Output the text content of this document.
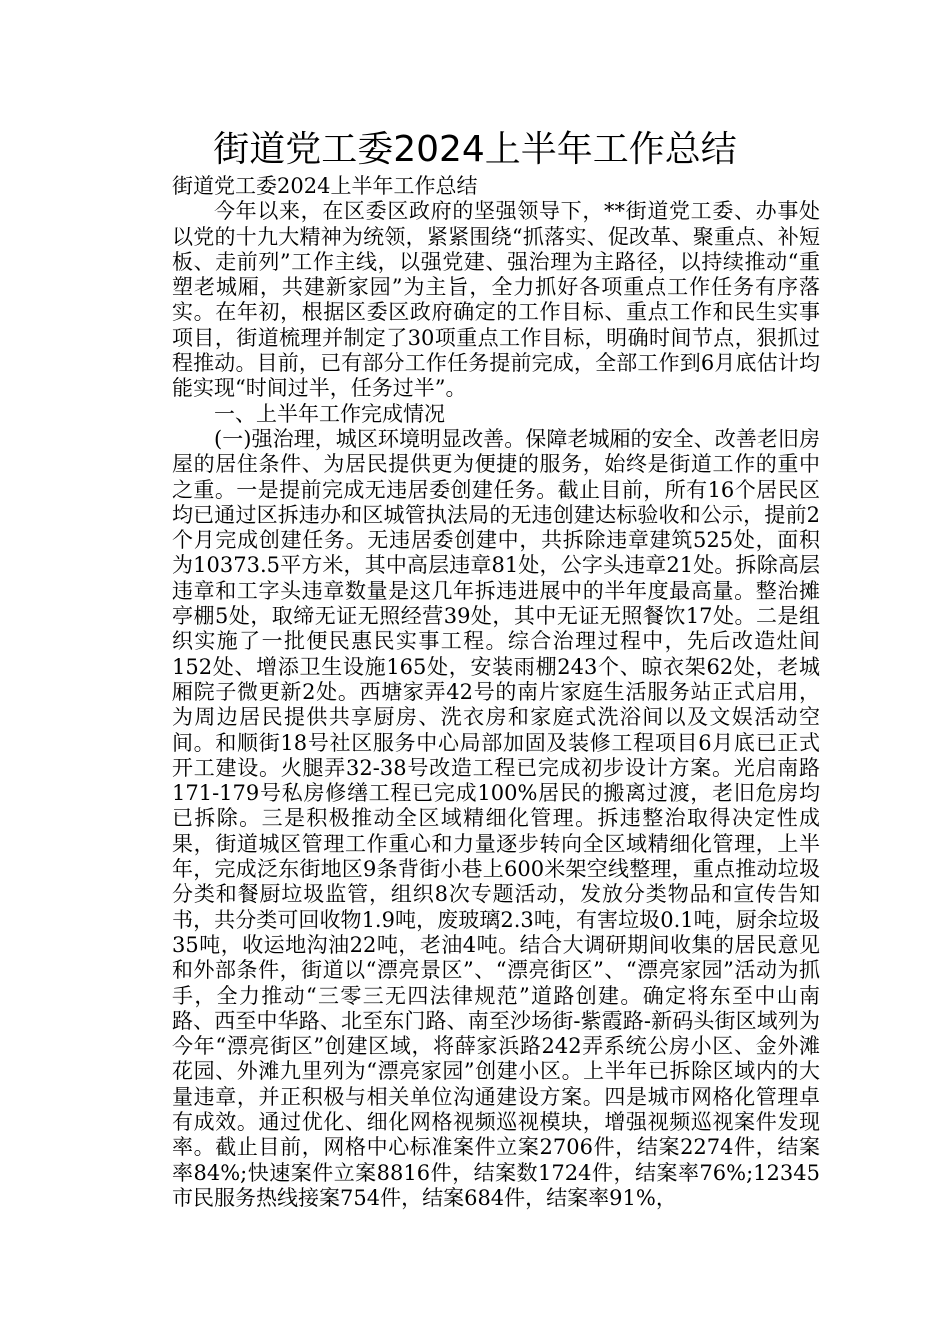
街道党工委2024上半年工作总结

街道党工委2024上半年工作总结

今年以来，在区委区政府的坚强领导下，**街道党工委、办事处以党的十九大精神为统领，紧紧围绕“抓落实、促改革、聚重点、补短板、走前列”工作主线，以强党建、强治理为主路径，以持续推动“重塑老城厢，共建新家园”为主旨，全力抓好各项重点工作任务有序落实。在年初，根据区委区政府确定的工作目标、重点工作和民生实事项目，街道梳理并制定了30项重点工作目标，明确时间节点，狠抓过程推动。目前，已有部分工作任务提前完成，全部工作到6月底估计均能实现“时间过半，任务过半”。

一、上半年工作完成情况

(一)强治理，城区环境明显改善。保障老城厢的安全、改善老旧房屋的居住条件、为居民提供更为便捷的服务，始终是街道工作的重中之重。一是提前完成无违居委创建任务。截止目前，所有16个居民区均已通过区拆违办和区城管执法局的无违创建达标验收和公示，提前2个月完成创建任务。无违居委创建中，共拆除违章建筑525处，面积为10373.5平方米，其中高层违章81处，公字头违章21处。拆除高层违章和工字头违章数量是这几年拆违进展中的半年度最高量。整治摊亭棚5处，取缔无证无照经营39处，其中无证无照餐饮17处。二是组织实施了一批便民惠民实事工程。综合治理过程中，先后改造灶间152处、增添卫生设施165处，安装雨棚243个、晾衣架62处，老城厢院子微更新2处。西塘家弄42号的南片家庭生活服务站正式启用，为周边居民提供共享厨房、洗衣房和家庭式洗浴间以及文娱活动空间。和顺街18号社区服务中心局部加固及装修工程项目6月底已正式开工建设。火腿弄32-38号改造工程已完成初步设计方案。光启南路171-179号私房修缮工程已完成100%居民的搬离过渡，老旧危房均已拆除。三是积极推动全区域精细化管理。拆违整治取得决定性成果，街道城区管理工作重心和力量逐步转向全区域精细化管理，上半年，完成泛东街地区9条背街小巷上600米架空线整理，重点推动垃圾分类和餐厨垃圾监管，组织8次专题活动，发放分类物品和宣传告知书，共分类可回收物1.9吨，废玻璃2.3吨，有害垃圾0.1吨，厨余垃圾35吨，收运地沟油22吨，老油4吨。结合大调研期间收集的居民意见和外部条件，街道以“漂亮景区”、“漂亮街区”、“漂亮家园”活动为抓手，全力推动“三零三无四法律规范”道路创建。确定将东至中山南路、西至中华路、北至东门路、南至沙场街-紫霞路-新码头街区域列为今年“漂亮街区”创建区域，将薛家浜路242弄系统公房小区、金外滩花园、外滩九里列为“漂亮家园”创建小区。上半年已拆除区域内的大量违章，并正积极与相关单位沟通建设方案。四是城市网格化管理卓有成效。通过优化、细化网格视频巡视模块，增强视频巡视案件发现率。截止目前，网格中心标准案件立案2706件，结案2274件，结案率84%;快速案件立案8816件，结案数1724件，结案率76%;12345市民服务热线接案754件，结案684件，结案率91%，
